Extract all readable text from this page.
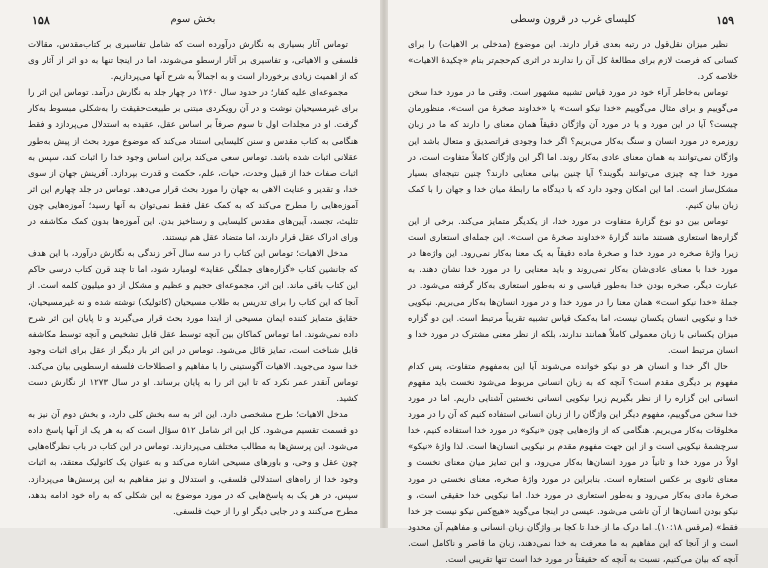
بخش سوم
۱۵۸

توماس آثار بسیاری به نگارش درآورده است که شامل تفاسیری بر کتاب‌مقدس، مقالات فلسفی و الاهیاتی، و تفاسیری بر آثار ارسطو می‌شوند، اما در اینجا تنها به دو اثر از آثار وی که از اهمیت زیادی برخوردار است و به اجمالاً به شرح آنها می‌پردازیم.

مجموعه‌ای علیه کفار؛ در حدود سال ۱۲۶۰ در چهار جلد به نگارش درآمد. توماس این اثر را برای غیرمسیحیان نوشت و در آن رویکردی مبتنی بر طبیعت‌حقیقت را به‌شکلی مبسوط به‌کار گرفت. او در مجلدات اول تا سوم صرفاً بر اساس عقل، عقیده به استدلال می‌پردازد و فقط هنگامی به کتاب مقدس و سنن کلیسایی استناد می‌کند که موضوع مورد بحث از پیش به‌طور عقلانی اثبات شده باشد. توماس سعی می‌کند براین اساس وجود خدا را اثبات کند، سپس به اثبات صفات خدا از قبیل وحدت، حیات، علم، حکمت و قدرت بپردازد. آفرینش جهان از سوی خدا، و تقدیر و عنایت الاهی به جهان را مورد بحث قرار می‌دهد. توماس در جلد چهارم این اثر آموزه‌هایی را مطرح می‌کند که به کمک عقل فقط نمی‌توان به آنها رسید؛ آموزه‌هایی چون تثلیث، تجسد، آیین‌های مقدس کلیسایی و رستاخیز بدن. این آموزه‌ها بدون کمک مکاشفه در ورای ادراک عقل قرار دارند، اما متضاد عقل هم نیستند.

مدخل الاهیات؛ توماس این کتاب را در سه سال آخر زندگی به نگارش درآورد، با این هدف که جانشین کتاب «گزاره‌های جملگی عقاید» لومبارد شود، اما تا چند قرن کتاب درسی حاکم این کتاب باقی ماند. این اثر، مجموعه‌ای حجیم و عظیم و مشکل از دو میلیون کلمه است. از آنجا که این کتاب را برای تدریس به طلاب مسیحیان (کاتولیک) نوشته شده و نه غیرمسیحیان، حقایق متمایز کننده ایمان مسیحی از ابتدا مورد بحث قرار می‌گیرند و تا پایان این اثر شرح داده نمی‌شوند. اما توماس کماکان بین آنچه توسط عقل قابل تشخیص و آنچه توسط مکاشفه قابل شناخت است، تمایز قائل می‌شود. توماس در این اثر بار دیگر از عقل برای اثبات وجود خدا سود می‌جوید. الاهیات آگوستینی را با مفاهیم و اصطلاحات فلسفه ارسطویی بیان می‌کند. توماس آنقدر عمر نکرد که تا این اثر را به پایان برساند. او در سال ۱۲۷۳ از نگارش دست کشید.

مدخل الاهیات؛ طرح مشخصی دارد. این اثر به سه بخش کلی دارد، و بخش دوم آن نیز به دو قسمت تقسیم می‌شود. کل این اثر شامل ۵۱۲ سؤال است که به هر یک از آنها پاسخ داده می‌شود. این پرسش‌ها به مطالب مختلف می‌پردازند. توماس در این کتاب در باب نظرگاه‌هایی چون عقل و وحی، و باورهای مسیحی اشاره می‌کند و به عنوان یک کاتولیک معتقد، به اثبات وجود خدا از راه‌های استدلالی فلسفی، و استدلال و نیز مفاهیم به این پرسش‌ها می‌پردازد. سپس، در هر یک به پاسخ‌هایی که در مورد موضوع به این شکلی که به راه خود ادامه بدهد، مطرح می‌کنند و در جایی دیگر او را از حیث فلسفی.

کلیسای غرب در قرون وسطی	۱۵۹

نظیر میزان نقل‌قول در رتبه بعدی قرار دارند. این موضوع (مدخلی بر الاهیات) را برای کسانی که فرصت لازم برای مطالعهٔ کل آن را ندارند در اثری کم‌حجم‌تر بنام «چکیدهٔ الاهیات» خلاصه کرد.

توماس به‌خاطر آراء خود در مورد قیاس تشبیه مشهور است. وقتی ما در مورد خدا سخن می‌گوییم و برای مثال می‌گوییم «خدا نیکو است» یا «خداوند صخرهٔ من است»، منظورمان چیست؟ آیا در این مورد و یا در مورد آن واژگان دقیقاً همان معنای را دارند که ما در زبان روزمره در مورد انسان و سنگ به‌کار می‌بریم؟ اگر خدا وجودی فراتصدیق و متعال باشد این واژگان نمی‌توانند به همان معنای عادی به‌کار روند. اما اگر این واژگان کاملاً متفاوت است، در مورد خدا چه چیزی می‌توانند بگویند؟ آیا چنین بیانی معنایی دارند؟ چنین نتیجه‌ای بسیار مشکل‌ساز است. اما این امکان وجود دارد که با دیدگاه ما رابطهٔ میان خدا و جهان را با کمک زبان بیان کنیم.

توماس بین دو نوع گزارهٔ متفاوت در مورد خدا، از یکدیگر متمایز می‌کند. برخی از این گزاره‌ها استعاری هستند مانند گزارهٔ «خداوند صخرهٔ من است». این جمله‌ای استعاری است زیرا واژهٔ صخره در مورد خدا و صخرهٔ ماده دقیقاً به یک معنا به‌کار نمی‌رود. این واژه‌ها در مورد خدا با معنای عادی‌شان به‌کار نمی‌روند و باید معنایی را در مورد خدا نشان دهند. به عبارت دیگر، صخره بودن خدا به‌طور قیاسی و نه به‌طور استعاری به‌کار گرفته می‌شود. در جملهٔ «خدا نیکو است» همان معنا را در مورد خدا و در مورد انسان‌ها به‌کار می‌بریم. نیکویی خدا و نیکویی انسان یکسان نیست، اما به‌کمک قیاس تشبیه تقریباً مرتبط است. این دو گزاره میزان یکسانی با زبان معمولی کاملاً همانند ندارند، بلکه از نظر معنی مشترک در مورد خدا و انسان مرتبط است.

حال اگر خدا و انسان هر دو نیکو خوانده می‌شوند آیا این به‌مفهوم متفاوت، پس کدام مفهوم بر دیگری مقدم است؟ آنچه که به زبان انسانی مربوط می‌شود نخست باید مفهوم انسانی این گزاره را از نظر بگیریم زیرا نیکویی انسانی نخستین آشنایی داریم. اما در مورد خدا سخن می‌گوییم، مفهوم دیگر این واژگان را از زبان انسانی استفاده کنیم که آن را در مورد مخلوقات به‌کار می‌بریم. هنگامی که از واژه‌هایی چون «نیکو» در مورد خدا استفاده کنیم، خدا سرچشمهٔ نیکویی است و از این جهت مفهوم مقدم بر نیکویی انسان‌ها است. لذا واژهٔ «نیکو» اولاً در مورد خدا و ثانیاً در مورد انسان‌ها به‌کار می‌رود، و این تمایز میان معنای نخست و معنای ثانوی بر عکس استعاره است. بنابراین در مورد واژهٔ صخره، معنای نخستی در مورد صخرهٔ مادی به‌کار می‌رود و به‌طور استعاری در مورد خدا. اما نیکویی خدا حقیقی است، و نیکو بودن انسان‌ها از آن ناشی می‌شود. عیسی در اینجا می‌گوید «هیچ‌کس نیکو نیست جز خدا فقط» (مرقس ۱۰:۱۸). اما درک ما از خدا تا کجا بر واژگان زبان انسانی و مفاهیم آن محدود است و از آنجا که این مفاهیم به ما معرفت به خدا نمی‌دهند، زبان ما قاصر و ناکامل است. آنچه که بیان می‌کنیم، نسبت به آنچه که حقیقتاً در مورد خدا است تنها تقریبی است.
